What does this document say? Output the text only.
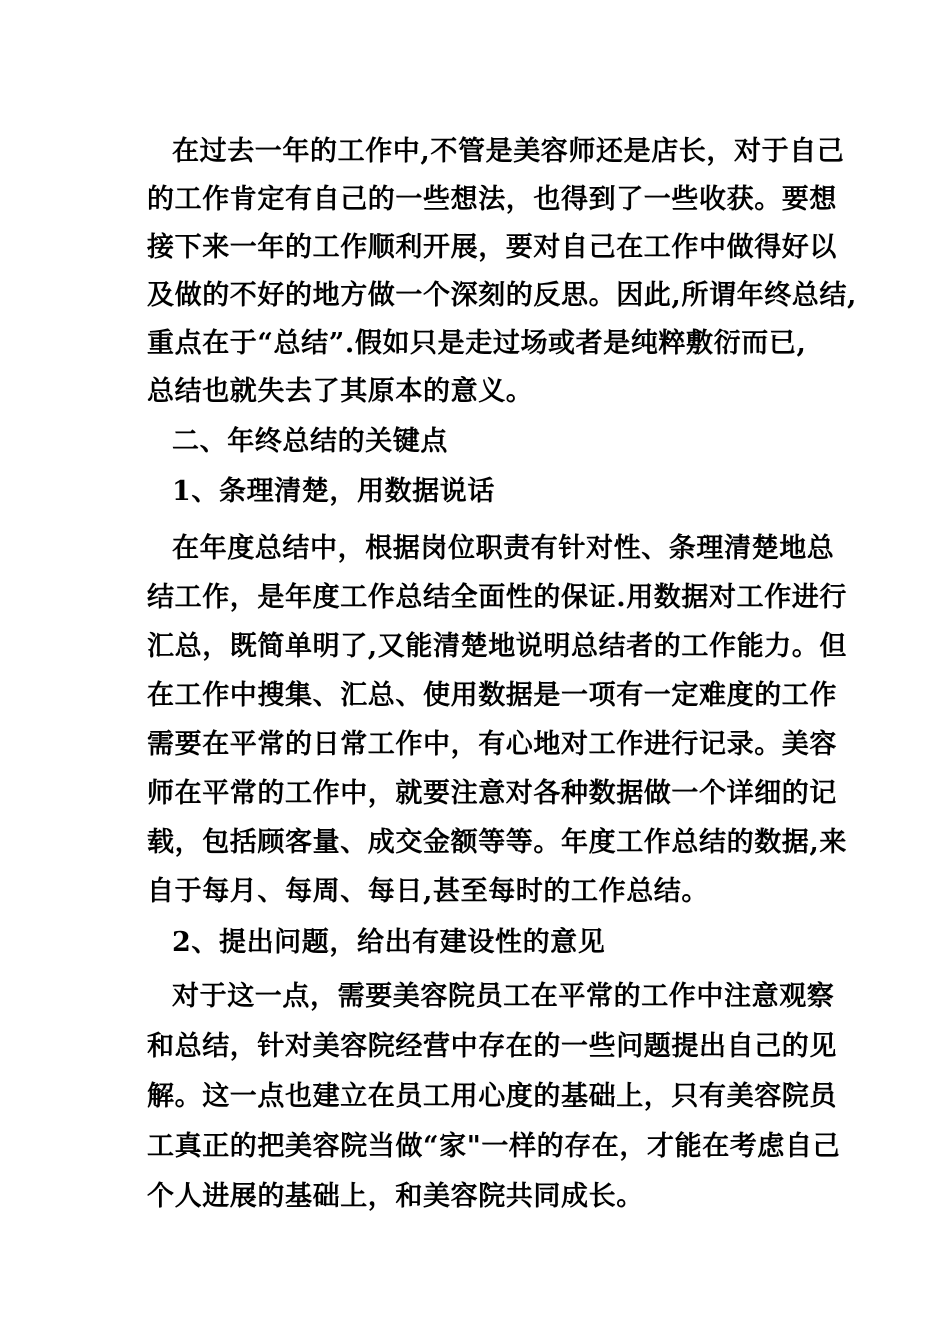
在过去一年的工作中,不管是美容师还是店长，对于自己
的工作肯定有自己的一些想法，也得到了一些收获。要想
接下来一年的工作顺利开展，要对自己在工作中做得好以
及做的不好的地方做一个深刻的反思。因此,所谓年终总结,
重点在于“总结”.假如只是走过场或者是纯粹敷衍而已,
总结也就失去了其原本的意义。
二、年终总结的关键点
1、条理清楚，用数据说话
在年度总结中，根据岗位职责有针对性、条理清楚地总
结工作，是年度工作总结全面性的保证.用数据对工作进行
汇总，既简单明了,又能清楚地说明总结者的工作能力。但
在工作中搜集、汇总、使用数据是一项有一定难度的工作
需要在平常的日常工作中，有心地对工作进行记录。美容
师在平常的工作中，就要注意对各种数据做一个详细的记
载，包括顾客量、成交金额等等。年度工作总结的数据,来
自于每月、每周、每日,甚至每时的工作总结。
2、提出问题，给出有建设性的意见
对于这一点，需要美容院员工在平常的工作中注意观察
和总结，针对美容院经营中存在的一些问题提出自己的见
解。这一点也建立在员工用心度的基础上，只有美容院员
工真正的把美容院当做“家"一样的存在，才能在考虑自己
个人进展的基础上，和美容院共同成长。
